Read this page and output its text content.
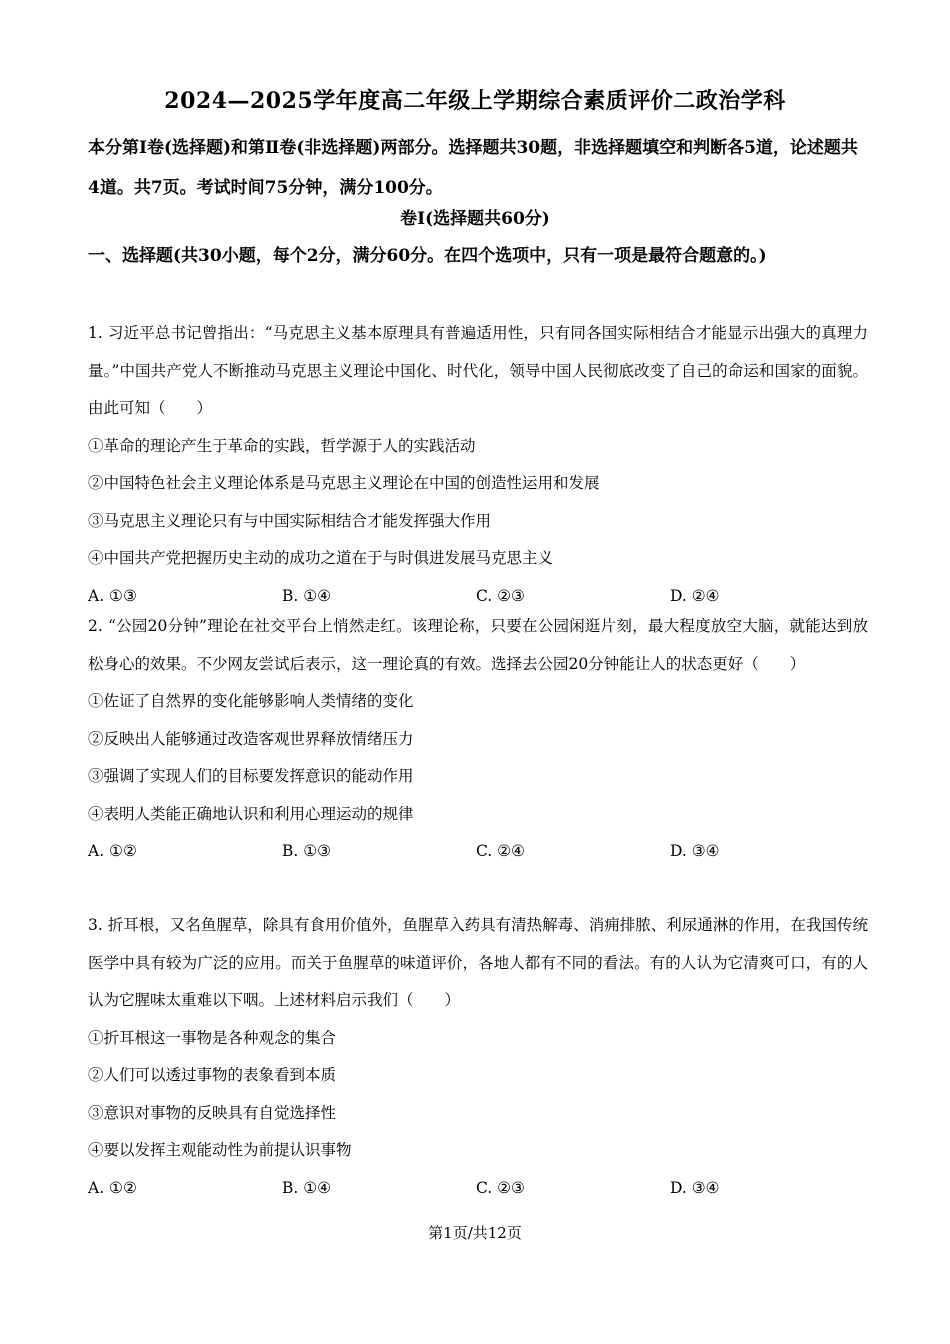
2024—2025学年度高二年级上学期综合素质评价二政治学科
本分第Ⅰ卷(选择题)和第Ⅱ卷(非选择题)两部分。选择题共30题，非选择题填空和判断各5道，论述题共4道。共7页。考试时间75分钟，满分100分。
卷Ⅰ(选择题共60分)
一、选择题(共30小题，每个2分，满分60分。在四个选项中，只有一项是最符合题意的。)
1. 习近平总书记曾指出：“马克思主义基本原理具有普遍适用性，只有同各国实际相结合才能显示出强大的真理力量。”中国共产党人不断推动马克思主义理论中国化、时代化，领导中国人民彻底改变了自己的命运和国家的面貌。由此可知（　　）
①革命的理论产生于革命的实践，哲学源于人的实践活动
②中国特色社会主义理论体系是马克思主义理论在中国的创造性运用和发展
③马克思主义理论只有与中国实际相结合才能发挥强大作用
④中国共产党把握历史主动的成功之道在于与时俱进发展马克思主义
A. ①③	B. ①④	C. ②③	D. ②④
2. “公园20分钟”理论在社交平台上悄然走红。该理论称，只要在公园闲逛片刻，最大程度放空大脑，就能达到放松身心的效果。不少网友尝试后表示，这一理论真的有效。选择去公园20分钟能让人的状态更好（　　）
①佐证了自然界的变化能够影响人类情绪的变化
②反映出人能够通过改造客观世界释放情绪压力
③强调了实现人们的目标要发挥意识的能动作用
④表明人类能正确地认识和利用心理运动的规律
A. ①②	B. ①③	C. ②④	D. ③④
3. 折耳根，又名鱼腥草，除具有食用价值外，鱼腥草入药具有清热解毒、消痈排脓、利尿通淋的作用，在我国传统医学中具有较为广泛的应用。而关于鱼腥草的味道评价，各地人都有不同的看法。有的人认为它清爽可口，有的人认为它腥味太重难以下咽。上述材料启示我们（　　）
①折耳根这一事物是各种观念的集合
②人们可以透过事物的表象看到本质
③意识对事物的反映具有自觉选择性
④要以发挥主观能动性为前提认识事物
A. ①②	B. ①④	C. ②③	D. ③④
第1页/共12页
